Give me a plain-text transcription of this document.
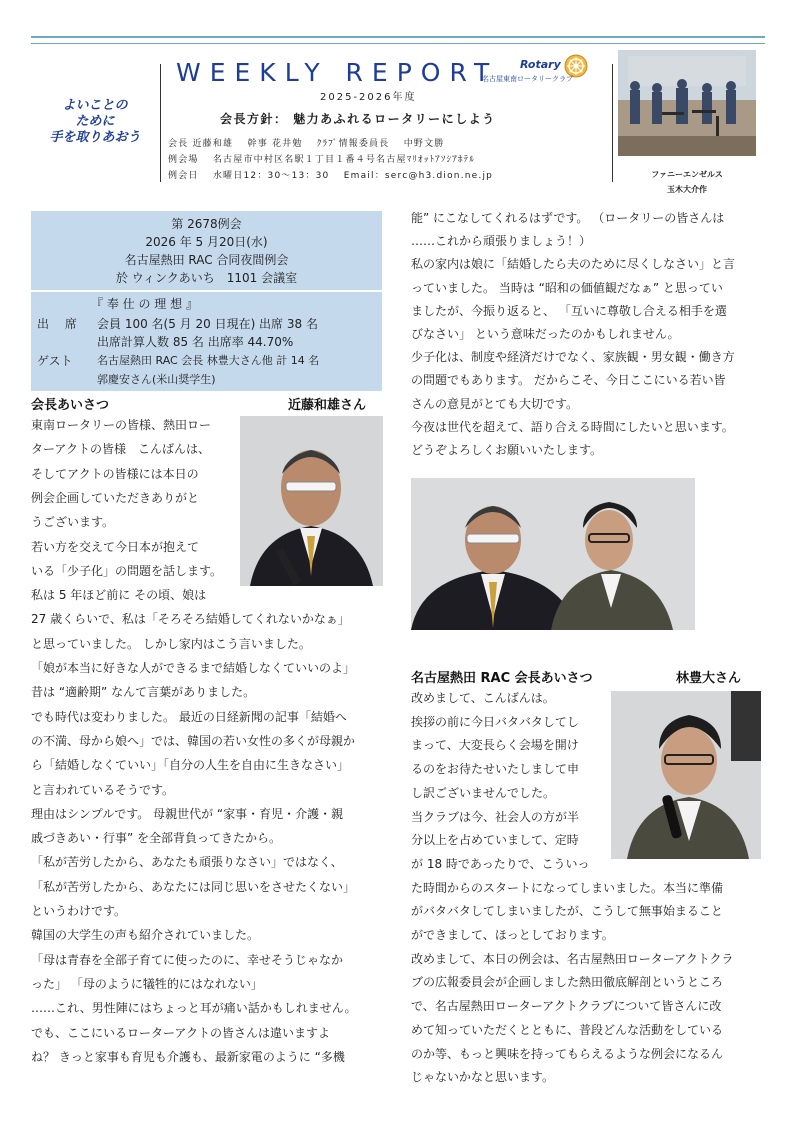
よいことの
ために
手を取りあおう
WEEKLY REPORT Rotary
名古屋東南ロータリークラブ
2025-2026年度
会長方針： 魅力あふれるロータリーにしよう
会長 近藤和雄　 幹事 花井勉　 ｸﾗﾌﾞ情報委員長　 中野文勝
例会場　 名古屋市中村区名駅１丁目１番４号名古屋ﾏﾘｵｯﾄｱｿｼｱﾎﾃﾙ
例会日　 水曜日12：30～13：30　 Email：serc@h3.dion.ne.jp	ファニーエンゼルス
玉木大介作
第 2678例会
2026 年 5 月20日(水)
名古屋熱田 RAC 合同夜間例会
於 ウィンクあいち　1101 会議室
『 奉 仕 の 理 想 』
出　 席 会員 100 名(5 月 20 日現在) 出席 38 名
出席計算人数 85 名 出席率 44.70%
ゲスト 名古屋熱田 RAC 会長 林豊大さん他 計 14 名
郭慶安さん(米山奨学生)
会長あいさつ	近藤和雄さん
東南ロータリーの皆様、熱田ロー
ターアクトの皆様　こんばんは、
そしてアクトの皆様には本日の
例会企画していただきありがと
うございます。
若い方を交えて今日本が抱えて
いる「少子化」の問題を話します。
私は 5 年ほど前に その頃、娘は
27 歳くらいで、私は「そろそろ結婚してくれないかなぁ」
と思っていました。 しかし家内はこう言いました。
「娘が本当に好きな人ができるまで結婚しなくていいのよ」
昔は “適齢期” なんて言葉がありました。
でも時代は変わりました。 最近の日経新聞の記事「結婚へ
の不満、母から娘へ」では、韓国の若い女性の多くが母親か
ら「結婚しなくていい」「自分の人生を自由に生きなさい」
と言われているそうです。
理由はシンプルです。 母親世代が “家事・育児・介護・親
戚づきあい・行事” を全部背負ってきたから。
「私が苦労したから、あなたも頑張りなさい」ではなく、
「私が苦労したから、あなたには同じ思いをさせたくない」
というわけです。
韓国の大学生の声も紹介されていました。
「母は青春を全部子育てに使ったのに、幸せそうじゃなか
った」 「母のように犠牲的にはなれない」
……これ、男性陣にはちょっと耳が痛い話かもしれません。
でも、ここにいるローターアクトの皆さんは違いますよ
ね？ きっと家事も育児も介護も、最新家電のように “多機
能” にこなしてくれるはずです。 （ロータリーの皆さんは
……これから頑張りましょう！）
私の家内は娘に「結婚したら夫のために尽くしなさい」と言
っていました。 当時は “昭和の価値観だなぁ” と思ってい
ましたが、今振り返ると、 「互いに尊敬し合える相手を選
びなさい」 という意味だったのかもしれません。
少子化は、制度や経済だけでなく、家族観・男女観・働き方
の問題でもあります。 だからこそ、今日ここにいる若い皆
さんの意見がとても大切です。
今夜は世代を超えて、語り合える時間にしたいと思います。
どうぞよろしくお願いいたします。
名古屋熱田 RAC 会長あいさつ	林豊大さん
改めまして、こんばんは。
挨拶の前に今日バタバタしてし
まって、大変長らく会場を開け
るのをお待たせいたしまして申
し訳ございませんでした。
当クラブは今、社会人の方が半
分以上を占めていまして、定時
が 18 時であったりで、こういっ
た時間からのスタートになってしまいました。本当に準備
がバタバタしてしまいましたが、こうして無事始まること
ができまして、ほっとしております。
改めまして、本日の例会は、名古屋熱田ローターアクトクラ
ブの広報委員会が企画しました熱田徹底解剖というところ
で、名古屋熱田ローターアクトクラブについて皆さんに改
めて知っていただくとともに、普段どんな活動をしている
のか等、もっと興味を持ってもらえるような例会になるん
じゃないかなと思います。
